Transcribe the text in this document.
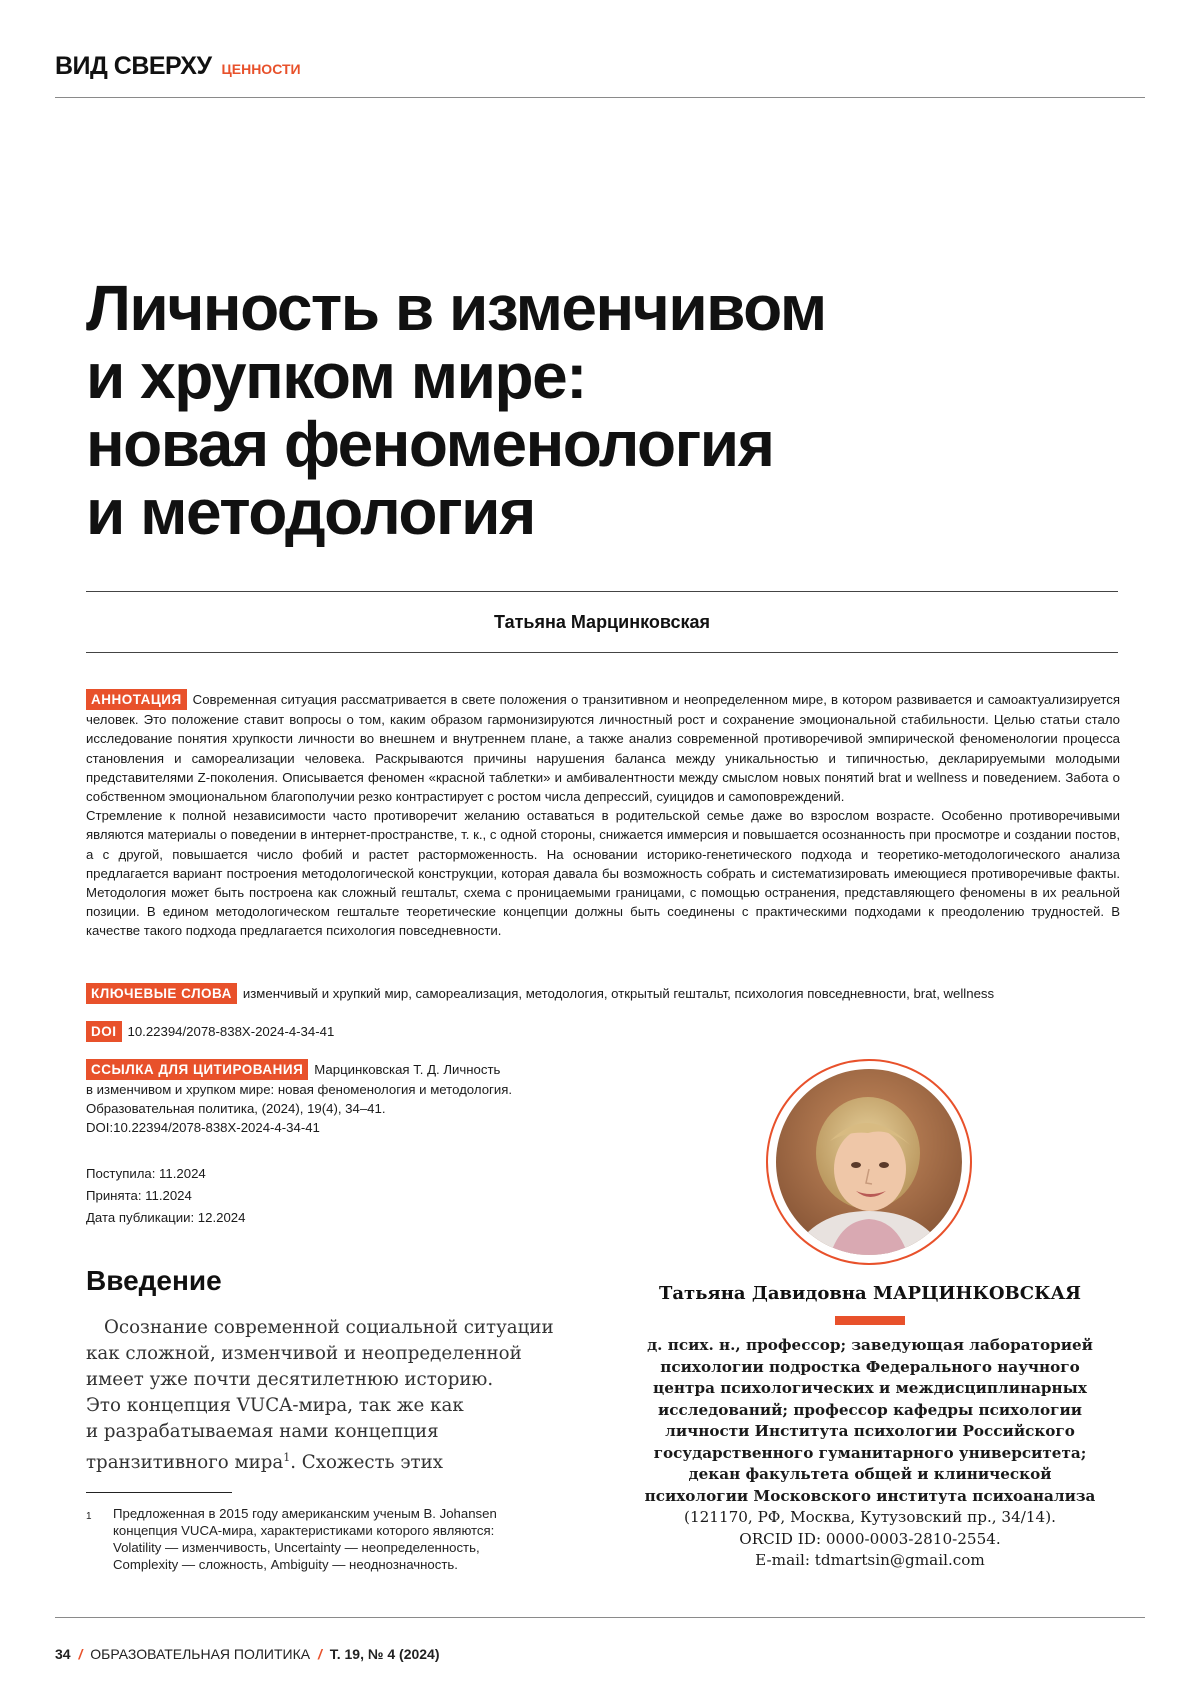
ВИД СВЕРХУ ЦЕННОСТИ
Личность в изменчивом
и хрупком мире:
новая феноменология
и методология
Татьяна Марцинковская

АННОТАЦИЯ Современная ситуация рассматривается в свете положения о транзитивном и неопределенном мире, в котором развивается и самоактуализируется человек. Это положение ставит вопросы о том, каким образом гармонизируются личностный рост и сохранение эмоциональной стабильности. Целью статьи стало исследование понятия хрупкости личности во внешнем и внутреннем плане, а также анализ современной противоречивой эмпирической феноменологии процесса становления и самореализации человека. Раскрываются причины нарушения баланса между уникальностью и типичностью, декларируемыми молодыми представителями Z-поколения. Описывается феномен «красной таблетки» и амбивалентности между смыслом новых понятий brat и wellness и поведением. Забота о собственном эмоциональном благополучии резко контрастирует с ростом числа депрессий, суицидов и самоповреждений.

Стремление к полной независимости часто противоречит желанию оставаться в родительской семье даже во взрослом возрасте. Особенно противоречивыми являются материалы о поведении в интернет-пространстве, т. к., с одной стороны, снижается иммерсия и повышается осознанность при просмотре и создании постов, а с другой, повышается число фобий и растет расторможенность. На основании историко-генетического подхода и теоретико-методологического анализа предлагается вариант построения методологической конструкции, которая давала бы возможность собрать и систематизировать имеющиеся противоречивые факты. Методология может быть построена как сложный гештальт, схема с проницаемыми границами, с помощью остранения, представляющего феномены в их реальной позиции. В едином методологическом гештальте теоретические концепции должны быть соединены с практическими подходами к преодолению трудностей. В качестве такого подхода предлагается психология повседневности.

КЛЮЧЕВЫЕ СЛОВА изменчивый и хрупкий мир, самореализация, методология, открытый гештальт, психология повседневности, brat, wellness
DOI 10.22394/2078-838X-2024-4-34-41
ССЫЛКА ДЛЯ ЦИТИРОВАНИЯ Марцинковская Т. Д. Личность
в изменчивом и хрупком мире: новая феноменология и методология.
Образовательная политика, (2024), 19(4), 34–41.
DOI:10.22394/2078-838X-2024-4-34-41
Поступила: 11.2024
Принята: 11.2024
Дата публикации: 12.2024
Введение
Осознание современной социальной ситуации
как сложной, изменчивой и неопределенной
имеет уже почти десятилетнюю историю.
Это концепция VUCA-мира, так же как
и разрабатываемая нами концепция
транзитивного мира1. Схожесть этих
1 Предложенная в 2015 году американским ученым B. Johansen
концепция VUCA-мира, характеристиками которого являются:
Volatility — изменчивость, Uncertainty — неопределенность,
Complexity — сложность, Ambiguity — неоднозначность.
Татьяна Давидовна МАРЦИНКОВСКАЯ
д. псих. н., профессор; заведующая лабораторией
психологии подростка Федерального научного
центра психологических и междисциплинарных
исследований; профессор кафедры психологии
личности Института психологии Российского
государственного гуманитарного университета;
декан факультета общей и клинической
психологии Московского института психоанализа
(121170, РФ, Москва, Кутузовский пр., 34/14).
ORCID ID: 0000-0003-2810-2554.
E-mail: tdmartsin@gmail.com
34 / ОБРАЗОВАТЕЛЬНАЯ ПОЛИТИКА / Т. 19, № 4 (2024)
